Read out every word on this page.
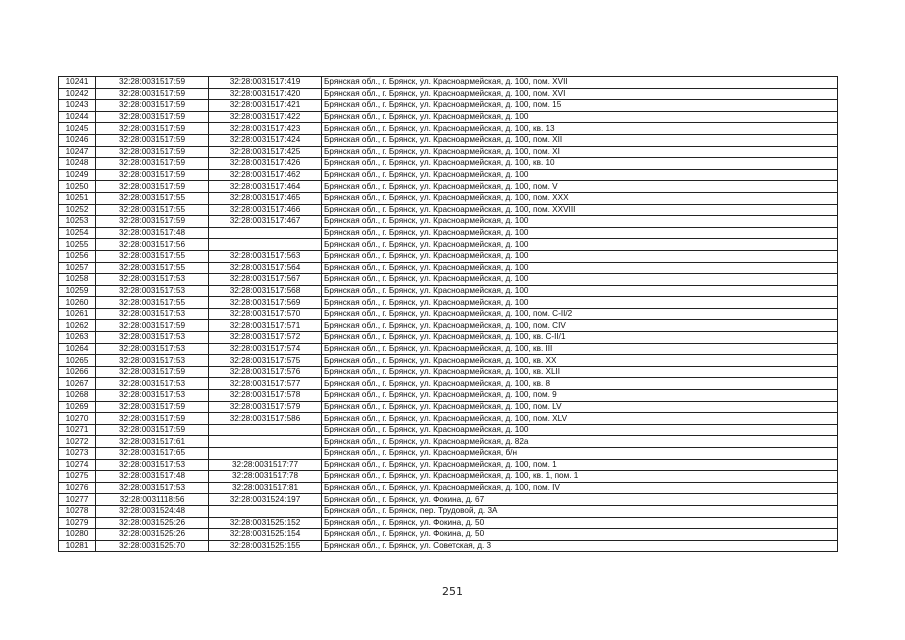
10241	32:28:0031517:59	32:28:0031517:419	Брянская обл., г. Брянск, ул. Красноармейская, д. 100, пом. XVII
10242	32:28:0031517:59	32:28:0031517:420	Брянская обл., г. Брянск, ул. Красноармейская, д. 100, пом. XVI
10243	32:28:0031517:59	32:28:0031517:421	Брянская обл., г. Брянск, ул. Красноармейская, д. 100, пом. 15
10244	32:28:0031517:59	32:28:0031517:422	Брянская обл., г. Брянск, ул. Красноармейская, д. 100
10245	32:28:0031517:59	32:28:0031517:423	Брянская обл., г. Брянск, ул. Красноармейская, д. 100, кв. 13
10246	32:28:0031517:59	32:28:0031517:424	Брянская обл., г. Брянск, ул. Красноармейская, д. 100, пом. XII
10247	32:28:0031517:59	32:28:0031517:425	Брянская обл., г. Брянск, ул. Красноармейская, д. 100, пом. XI
10248	32:28:0031517:59	32:28:0031517:426	Брянская обл., г. Брянск, ул. Красноармейская, д. 100, кв. 10
10249	32:28:0031517:59	32:28:0031517:462	Брянская обл., г. Брянск, ул. Красноармейская, д. 100
10250	32:28:0031517:59	32:28:0031517:464	Брянская обл., г. Брянск, ул. Красноармейская, д. 100, пом. V
10251	32:28:0031517:55	32:28:0031517:465	Брянская обл., г. Брянск, ул. Красноармейская, д. 100, пом. XXX
10252	32:28:0031517:55	32:28:0031517:466	Брянская обл., г. Брянск, ул. Красноармейская, д. 100, пом. XXVIII
10253	32:28:0031517:59	32:28:0031517:467	Брянская обл., г. Брянск, ул. Красноармейская, д. 100
10254	32:28:0031517:48		Брянская обл., г. Брянск, ул. Красноармейская, д. 100
10255	32:28:0031517:56		Брянская обл., г. Брянск, ул. Красноармейская, д. 100
10256	32:28:0031517:55	32:28:0031517:563	Брянская обл., г. Брянск, ул. Красноармейская, д. 100
10257	32:28:0031517:55	32:28:0031517:564	Брянская обл., г. Брянск, ул. Красноармейская, д. 100
10258	32:28:0031517:53	32:28:0031517:567	Брянская обл., г. Брянск, ул. Красноармейская, д. 100
10259	32:28:0031517:53	32:28:0031517:568	Брянская обл., г. Брянск, ул. Красноармейская, д. 100
10260	32:28:0031517:55	32:28:0031517:569	Брянская обл., г. Брянск, ул. Красноармейская, д. 100
10261	32:28:0031517:53	32:28:0031517:570	Брянская обл., г. Брянск, ул. Красноармейская, д. 100, пом. С-II/2
10262	32:28:0031517:59	32:28:0031517:571	Брянская обл., г. Брянск, ул. Красноармейская, д. 100, пом. CIV
10263	32:28:0031517:53	32:28:0031517:572	Брянская обл., г. Брянск, ул. Красноармейская, д. 100, кв. С-II/1
10264	32:28:0031517:53	32:28:0031517:574	Брянская обл., г. Брянск, ул. Красноармейская, д. 100, кв. III
10265	32:28:0031517:53	32:28:0031517:575	Брянская обл., г. Брянск, ул. Красноармейская, д. 100, кв. XX
10266	32:28:0031517:59	32:28:0031517:576	Брянская обл., г. Брянск, ул. Красноармейская, д. 100, кв. XLII
10267	32:28:0031517:53	32:28:0031517:577	Брянская обл., г. Брянск, ул. Красноармейская, д. 100, кв. 8
10268	32:28:0031517:53	32:28:0031517:578	Брянская обл., г. Брянск, ул. Красноармейская, д. 100, пом. 9
10269	32:28:0031517:59	32:28:0031517:579	Брянская обл., г. Брянск, ул. Красноармейская, д. 100, пом. LV
10270	32:28:0031517:59	32:28:0031517:586	Брянская обл., г. Брянск, ул. Красноармейская, д. 100, пом. XLV
10271	32:28:0031517:59		Брянская обл., г. Брянск, ул. Красноармейская, д. 100
10272	32:28:0031517:61		Брянская обл., г. Брянск, ул. Красноармейская, д. 82а
10273	32:28:0031517:65		Брянская обл., г. Брянск, ул. Красноармейская, б/н
10274	32:28:0031517:53	32:28:0031517:77	Брянская обл., г. Брянск, ул. Красноармейская, д. 100, пом. 1
10275	32:28:0031517:48	32:28:0031517:78	Брянская обл., г. Брянск, ул. Красноармейская, д. 100, кв. 1, пом. 1
10276	32:28:0031517:53	32:28:0031517:81	Брянская обл., г. Брянск, ул. Красноармейская, д. 100, пом. IV
10277	32:28:0031118:56	32:28:0031524:197	Брянская обл., г. Брянск, ул. Фокина, д. 67
10278	32:28:0031524:48		Брянская обл., г. Брянск, пер. Трудовой, д. 3А
10279	32:28:0031525:26	32:28:0031525:152	Брянская обл., г. Брянск, ул. Фокина, д. 50
10280	32:28:0031525:26	32:28:0031525:154	Брянская обл., г. Брянск, ул. Фокина, д. 50
10281	32:28:0031525:70	32:28:0031525:155	Брянская обл., г. Брянск, ул. Советская, д. 3
251
